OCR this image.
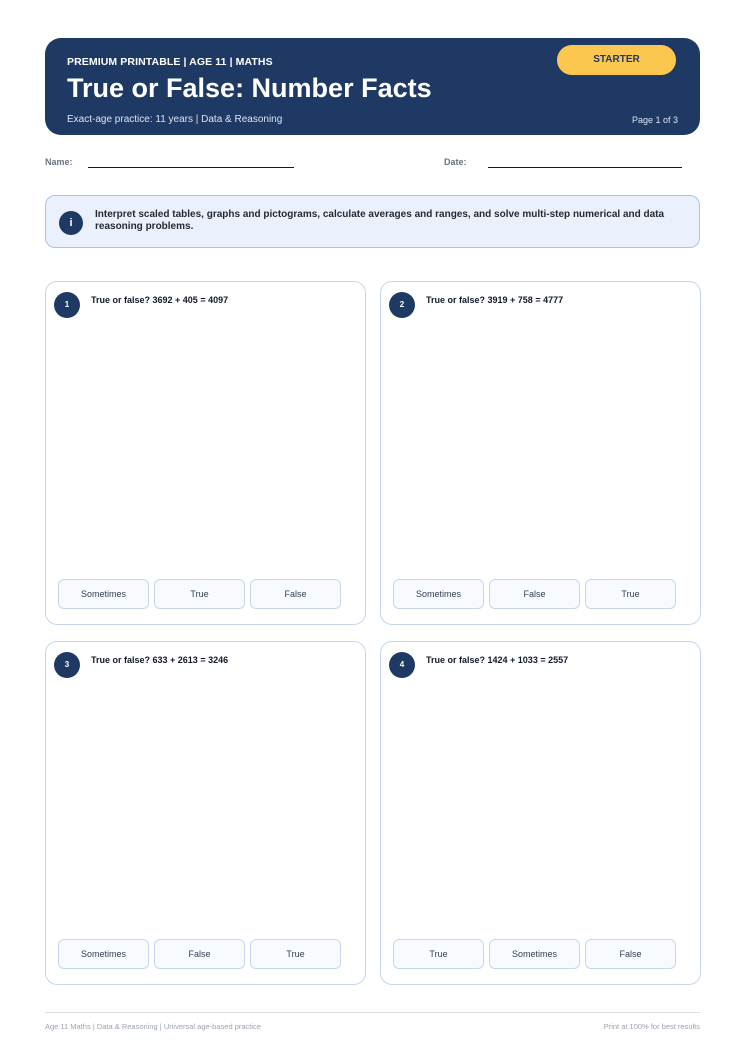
PREMIUM PRINTABLE | AGE 11 | MATHS
True or False: Number Facts
Exact-age practice: 11 years | Data & Reasoning	Page 1 of 3
STARTER
Name:	Date:
i
Interpret scaled tables, graphs and pictograms, calculate averages and ranges, and solve multi-step numerical and data reasoning problems.
1	True or false? 3692 + 405 = 4097
Sometimes	True	False
2	True or false? 3919 + 758 = 4777
Sometimes	False	True
3	True or false? 633 + 2613 = 3246
Sometimes	False	True
4	True or false? 1424 + 1033 = 2557
True	Sometimes	False
Age 11 Maths | Data & Reasoning | Universal age-based practice	Print at 100% for best results
